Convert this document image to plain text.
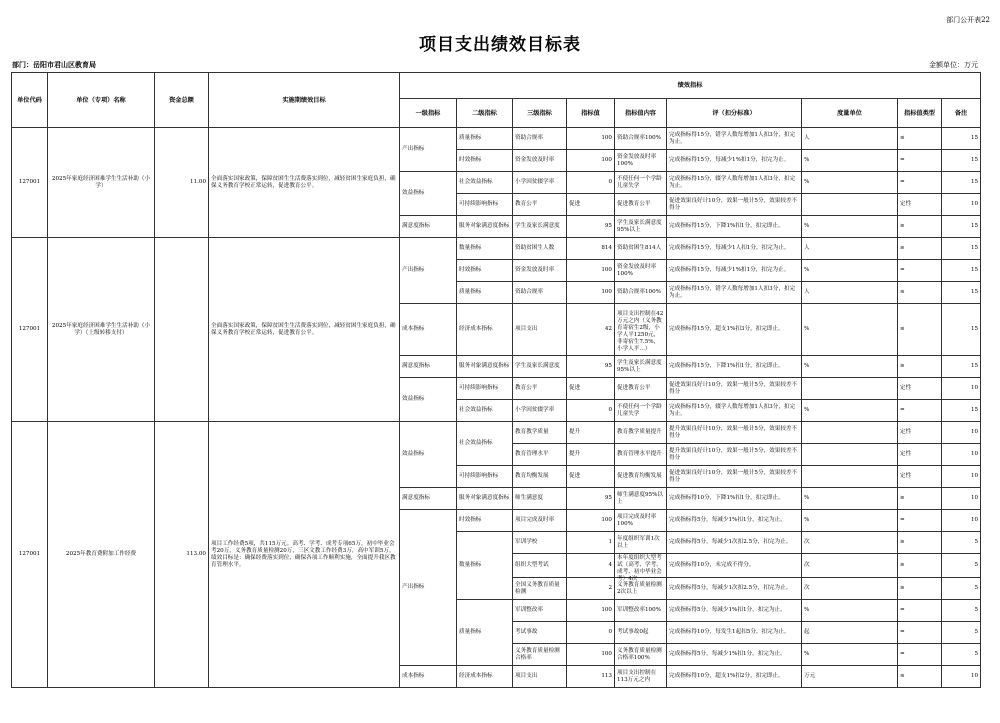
部门公开表22
项目支出绩效目标表
部门：岳阳市君山区教育局	金额单位：万元
单位代码	单位（专项）名称	资金总额	实施期绩效目标	绩效指标								
				一级指标	二级指标	三级指标	指标值	指标值内容	评（扣分标准）	度量单位	指标值类型	备注
127001	2025年家庭经济困难学生生活补助（小学）	11.00	全面落实国家政策，保障贫困生生活费落实到位，减轻贫困生家庭负担，确保义务教育学校正常运转，促进教育公平。	产出指标	质量指标	资助合规率	100	资助合规率100%	完成指标得15分，错学人数每增加1人扣3分，扣完为止。	人	≤	15
					时效指标	资金发放及时率	100	资金发放及时率100%	完成指标得15分，每减少1%扣1分，扣完为止。	%	=	15
				效益指标	社会效益指标	小学因贫辍学率	0	不使任何一个学龄儿童失学	完成指标得15分，辍学人数每增加1人扣3分，扣完为止。	%	=	15
					可持续影响指标	教育公平	促进	促进教育公平	促进效果良好计10分，效果一般计5分，效果较差不得分		定性	10
				满意度指标	服务对象满意度指标	学生及家长满意度	95	学生及家长满意度95%以上	完成指标得15分，下降1%扣1分，扣完即止。	%	≥	15
127001	2025年家庭经济困难学生生活补助（小学）（上级转移支付）		全面落实国家政策，保障贫困生生活费落实到位，减轻贫困生家庭负担，确保义务教育学校正常运转，促进教育公平。	产出指标	数量指标	资助贫困生人数	814	资助贫困生814人	完成指标得15分，每减少1人扣1分，扣完为止。	人	≥	15
					时效指标	资金发放及时率	100	资金发放及时率100%	完成指标得15分，每减少1%扣1分，扣完为止。	%	=	15
					质量指标	资助合规率	100	资助合规率100%	完成指标得15分，错学人数每增加1人扣3分，扣完为止。	人	≤	15
				成本指标	经济成本指标	项目支出	42	项目支出控制在42万元之内（义务教育寄宿生2级，小学人平1250元，非寄宿生7.5%，小学人平…）	完成指标得15分，超支1%扣3分，扣完即止。	%	≤	15
				满意度指标	服务对象满意度指标	学生及家长满意度	95	学生及家长满意度95%以上	完成指标得15分，下降1%扣1分，扣完即止。	%	≥	15
				效益指标	可持续影响指标	教育公平	促进	促进教育公平	促进效果良好计10分，效果一般计5分，效果较差不得分		定性	10
					社会效益指标	小学因贫辍学率	0	不使任何一个学龄儿童失学	完成指标得15分，辍学人数每增加1人扣3分，扣完为止。	%	=	15
127001	2025年教育费附加工作经费	113.00	项目工作经费5项，共115万元。高考、学考、成考专项65万，初中毕业会考20万，义务教育质量检测20万，三区文教工作经费3万，高中军训5万。绩效目标是：确保经费落实到位，确保各项工作顺利实施，全面提升我区教育管理水平。	效益指标	社会效益指标	教育教学质量	提升	教育教学质量提升	提升效果良好计10分，效果一般计5分，效果较差不得分		定性	10
						教育管理水平	提升	教育管理水平提升	提升效果良好计10分，效果一般计5分，效果较差不得分		定性	10
					可持续影响指标	教育均衡发展	促进	促进教育均衡发展	促进效果良好计10分，效果一般计5分，效果较差不得分		定性	10
				满意度指标	服务对象满意度指标	师生满意度	95	师生满意度95%以上	完成指标得10分，下降1%扣1分，扣完即止。	%	≥	10
				产出指标	时效指标	项目完成及时率	100	项目完成及时率100%	完成指标得5分，每减少1%扣1分，扣完为止。	%	=	10
					数量指标	军训学校	1	年度组织军训1次以上	完成指标得5分，每减少1次扣2.5分，扣完为止。	次	≥	5
						组织大型考试	4	本年度组织大型考试（高考、学考、成考、初中毕业会考）4次	完成指标得10分，未完成不得分。	次	≥	5
						全国义务教育质量检测	2	义务教育质量检测2次以上	完成指标得5分，每减少1次扣2.5分，扣完为止。	次	≥	5
					质量指标	军训整改率	100	军训整改率100%	完成指标得5分，每减少1%扣1分，扣完为止。	%	=	5
						考试事故	0	考试事故0起	完成指标得10分，每发生1起扣5分，扣完为止。	起	=	5
						义务教育质量检测合格率	100	义务教育质量检测合格率100%	完成指标得5分，每减少1%扣1分，扣完为止。	%	=	5
				成本指标	经济成本指标	项目支出	113	项目支出控制在113万元之内	完成指标得10分，超支1%扣2分，扣完即止。	万元	≤	10
